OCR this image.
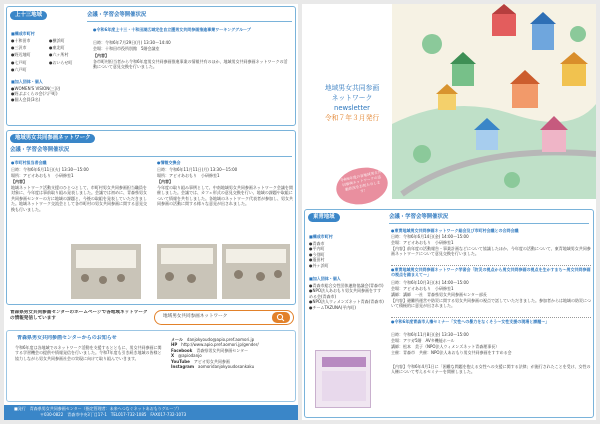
上十三地域	会議・学習会等開催状況
■構成市町村
●十和田市	●横浜町
●三沢市	●東北町
●野辺地町	●六ヶ所村
●七戸町	●おいらせ町
●六戸町
■加入団体・個人
●WOMEN'S VISION(三沢)
●野ぷぶくらの会(六戸町)
●個人会員(3名)
●令和6年度上十三・十和田湖広域定住自立圏男女共同参画推進事業ワーキンググループ
日時：令和6年7月29日(月) 13:30〜14:40
会場：十和田市役所別館　5階会議室
【内容】
各市町村担当者から令和6年度男女共同参画推進事業の情報共有のほか、地域男女共同参画ネットワークの活動について意見交換を行いました。
地域男女共同参画ネットワーク
会議・学習会等開催状況
●市町村担当者会議
日時：令和6年6月11日(火) 13:30〜15:00
場所：アピオあおもり　小研修室1
【内容】
地域ネットワーク活動支援のひとつとして、市町村男女共同参画担当職員を対象に、今年度は事前取り組み発表しました。会議では初めに、青森県男女共同参画センターの方に地域の課題と、今後の取組を発表していただきました。地域ネットワーク交流会として各市町村の男女共同参画に関する意見交換も行いました。
●情報交換会
日時：令和6年11月11日(月) 13:30〜15:00
場所：アピオあおもり　小研修室1
【内容】
今年度の取り組み事例として、中南地域男女共同参画ネットワーク会議を開催しました。会議では、カフェ形式の意見交換を行い、地域の課題や取組について情報を共有しました。各地域のネットワーク代表者が参加し、男女共同参画の活動に関する様々な意見が出されました。
青森県男女共同参画センターのホームページで各地域ネットワークの情報発信しています	地域男女共同参画ネットワーク
青森県男女共同参画センターからのお知らせ
令和6年度は各地域でのネットワーク活動を支援するとともに、男女共同参画に関する学習機会の提供や情報発信を行いました。令和7年度も引き続き地域の皆様と協力しながら男女共同参画社会の実現に向けて取り組んでいきます。
メール　 danjokyoudo@apio.pref.aomori.jp
HP　 http://www.apio.pref.aomori.jp/gender/
Facebook　 青森県男女共同参画センター
X　 @apiodanjo
YouTube　 アピオ男女共同参画
Instagram　 aomoridanjokyoudosankaku
■発行　青森県男女共同参画センター（指定管理者：未来へつなぐネットあおもりグループ）
〒030-0822　青森市中央3丁目17-1　TEL017-732-1085　FAX017-732-1073
地域男女共同参画
ネットワーク
newsletter
令和７年３月発行
令和6年度の各地域男女共同参画ネットワークの活動状況をお知らせします！
東青地域	会議・学習会等開催状況
■構成市町村
●青森市
●平内町
●今別町
●蓬田村
●外ヶ浜町
■加入団体・個人
●青森市総合女性団体連絡協議会(青森市)
●NPO法人あおもり男女共同参画をすすめる会(青森市)
●NPO法人ウィメンズネット青森(青森市)
●チームTAZUNA(平内町)
●東青地域男女共同参画ネットワーク総会及び市町村会議との合同会議
日時：令和6年6月14日(金) 14:00〜15:00
会場：アピオあおもり　小研修室1
【内容】前年度の活動報告・事業計画などについて協議したほか、今年度の活動について、東青地域男女共同参画ネットワークについて意見交換を行いました。
●東青地域男女共同参画ネットワーク学習会「防災の視点から男女共同参画の視点を生かすまち〜男女共同参画の視点を踏まえて〜」
日時：令和6年10月3日(木) 14:00〜15:00
会場：アピオあおもり　小研修室1
講師：講師　一社　青森県男女共同参画センター部長
【内容】避難所運営や防災に関する男女共同参画の視点で話していただきました。参加者からは地域の防災について積極的に意見が出されました。
●令和6年度青森市人権セミナー「女性への暴力をなくそう〜女性支援の現場と課題〜」
日時：令和6年11月8日(金) 13:30〜15:00
会場：アウガ5階　AV多機能ホール
講師：松本　美子（NPO法人ウィメンズネット青森理事長）
主催：青森市　共催：NPO法人あおもり男女共同参画をすすめる会
【内容】令和6年4月1日に「困難な問題を抱える女性への支援に関する法律」が施行されたことを受け、女性の人権について考えるセミナーを開催しました。
